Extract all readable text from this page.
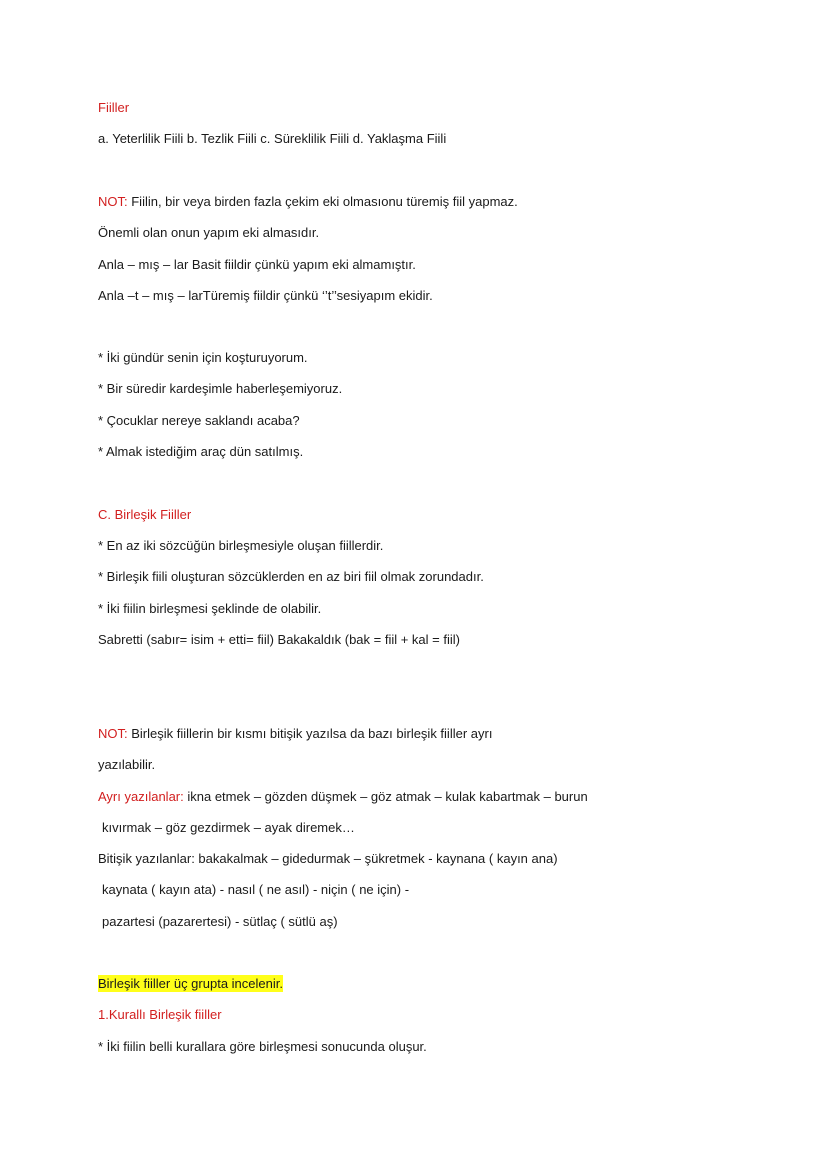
Fiiller
a. Yeterlilik Fiili b. Tezlik Fiili c. Süreklilik Fiili d. Yaklaşma Fiili
NOT: Fiilin, bir veya birden fazla çekim eki olmasıonu türemiş fiil yapmaz.
Önemli olan onun yapım eki almasıdır.
Anla – mış – lar Basit fiildir çünkü yapım eki almamıştır.
Anla –t – mış – larTüremiş fiildir çünkü ‘’t’’sesiyapım ekidir.
* İki gündür senin için koşturuyorum.
* Bir süredir kardeşimle haberleşemiyoruz.
* Çocuklar nereye saklandı acaba?
* Almak istediğim araç dün satılmış.
C. Birleşik Fiiller
* En az iki sözcüğün birleşmesiyle oluşan fiillerdir.
* Birleşik fiili oluşturan sözcüklerden en az biri fiil olmak zorundadır.
* İki fiilin birleşmesi şeklinde de olabilir.
Sabretti (sabır= isim + etti= fiil) Bakakaldık (bak = fiil + kal = fiil)
NOT: Birleşik fiillerin bir kısmı bitişik yazılsa da bazı birleşik fiiller ayrı
yazılabilir.
Ayrı yazılanlar: ikna etmek – gözden düşmek – göz atmak – kulak kabartmak – burun
kıvırmak – göz gezdirmek – ayak diremek…
Bitişik yazılanlar: bakakalmak – gidedurmak – şükretmek - kaynana ( kayın ana)
kaynata ( kayın ata) - nasıl ( ne asıl) - niçin ( ne için) -
pazartesi (pazarertesi) - sütlaç ( sütlü aş)
Birleşik fiiller üç grupta incelenir.
1.Kurallı Birleşik fiiller
* İki fiilin belli kurallara göre birleşmesi sonucunda oluşur.
